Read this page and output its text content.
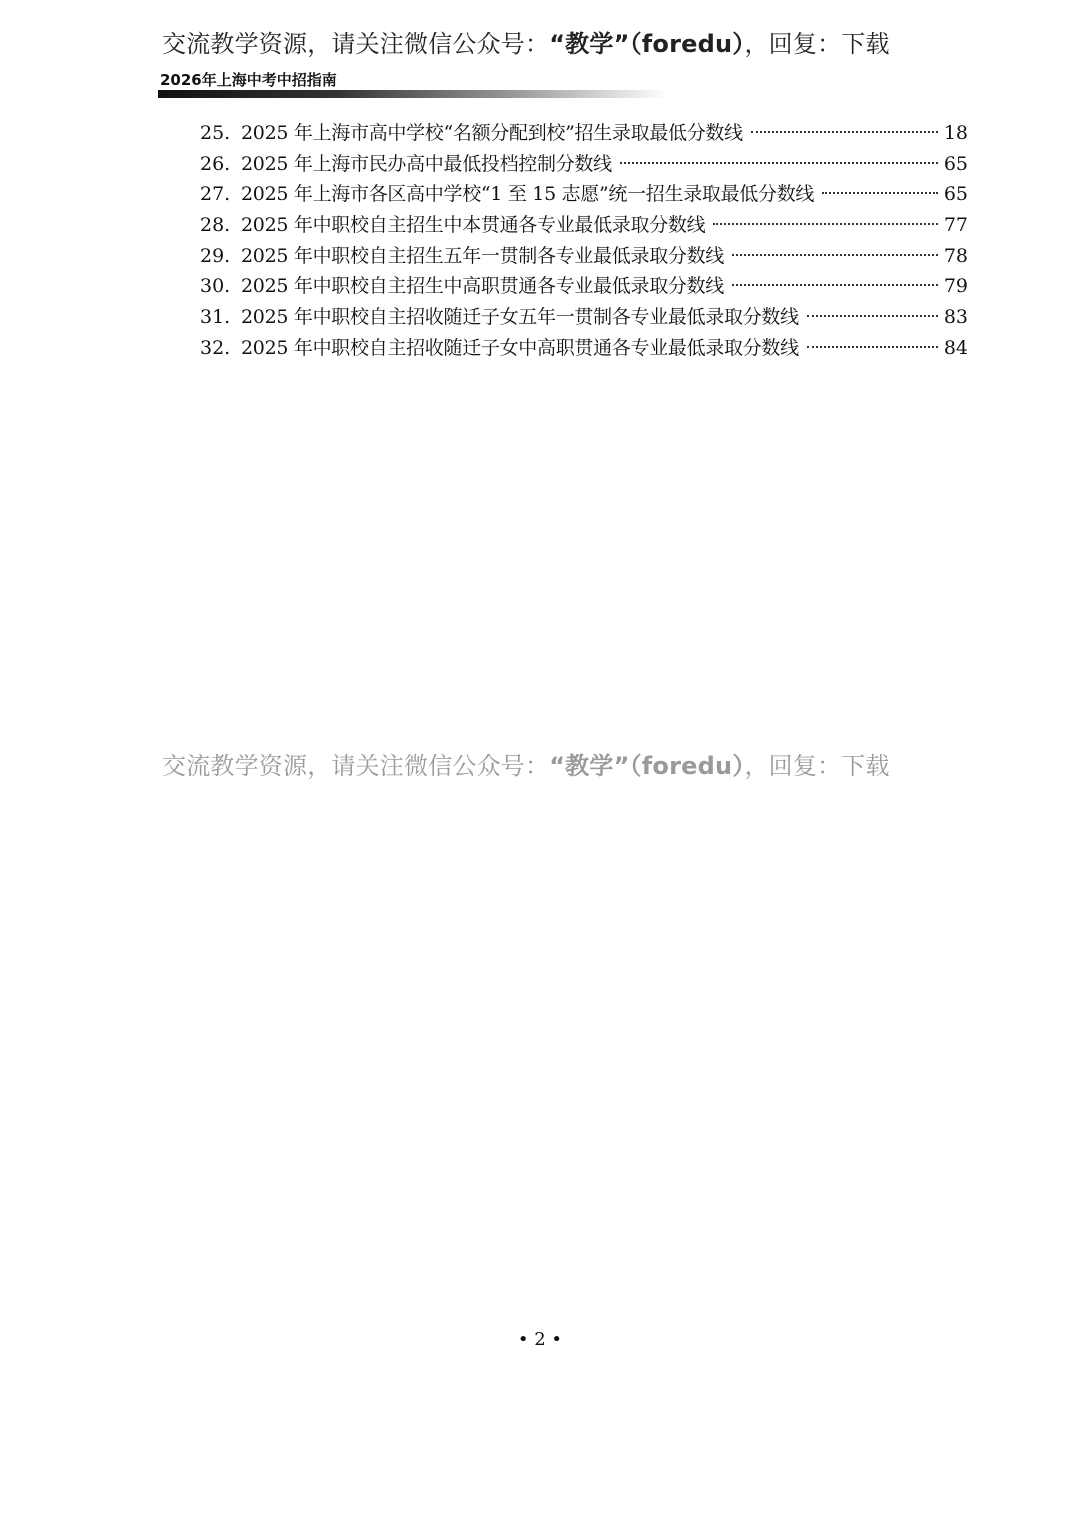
交流教学资源，请关注微信公众号：“教学”（foredu），回复：下载
2026年上海中考中招指南
25. 2025 年上海市高中学校“名额分配到校”招生录取最低分数线	18
26. 2025 年上海市民办高中最低投档控制分数线	65
27. 2025 年上海市各区高中学校“1 至 15 志愿”统一招生录取最低分数线	65
28. 2025 年中职校自主招生中本贯通各专业最低录取分数线	77
29. 2025 年中职校自主招生五年一贯制各专业最低录取分数线	78
30. 2025 年中职校自主招生中高职贯通各专业最低录取分数线	79
31. 2025 年中职校自主招收随迁子女五年一贯制各专业最低录取分数线	83
32. 2025 年中职校自主招收随迁子女中高职贯通各专业最低录取分数线	84
交流教学资源，请关注微信公众号：“教学”（foredu），回复：下载
• 2 •
